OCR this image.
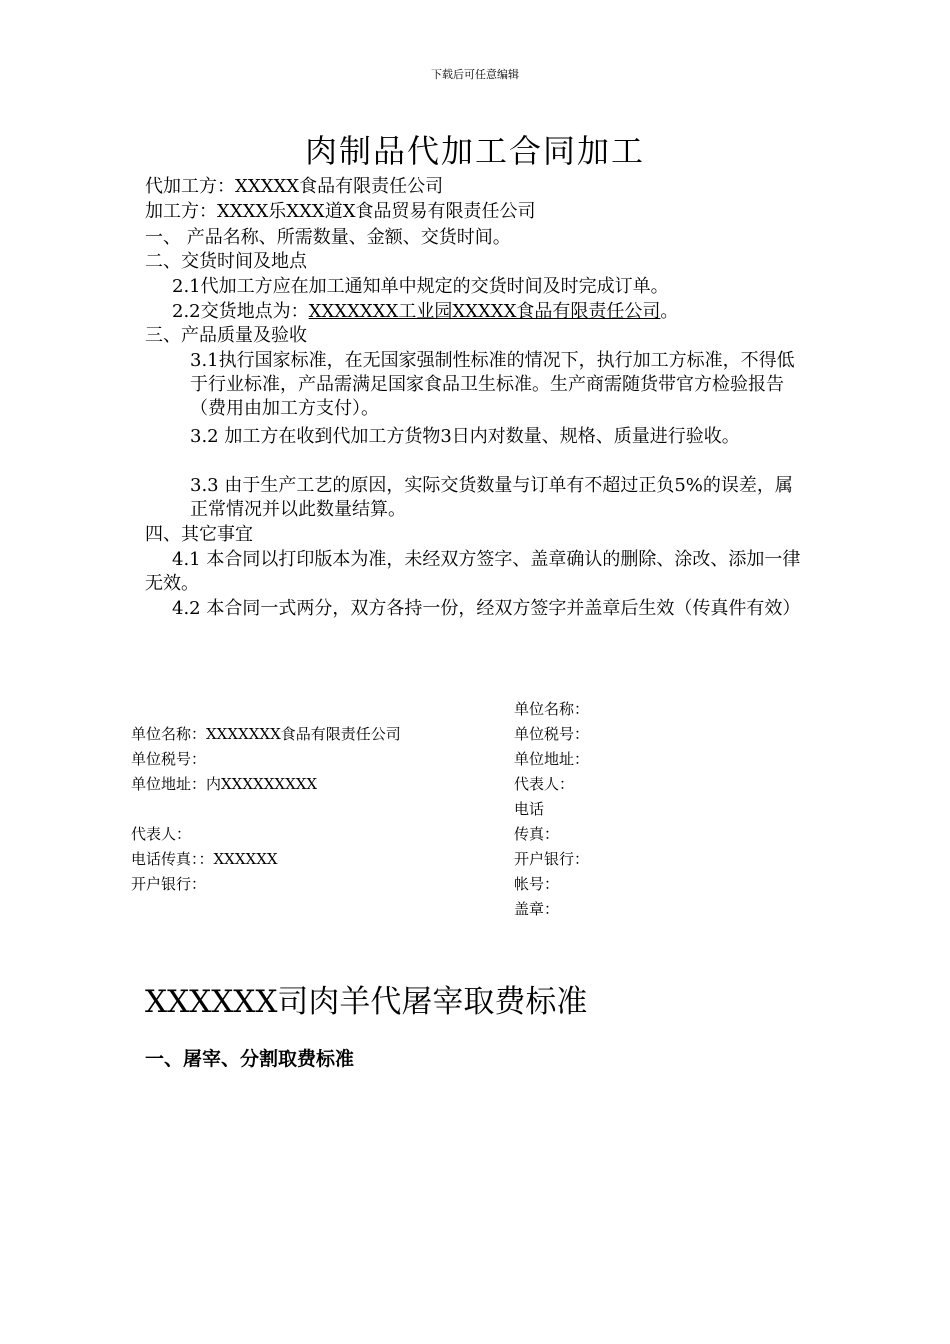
下载后可任意编辑
肉制品代加工合同加工
代加工方：XXXXX食品有限责任公司
加工方：XXXX乐XXX道X食品贸易有限责任公司
一、 产品名称、所需数量、金额、交货时间。
二、交货时间及地点
2.1代加工方应在加工通知单中规定的交货时间及时完成订单。
2.2交货地点为：XXXXXXX工业园XXXXX食品有限责任公司。
三、产品质量及验收
3.1执行国家标准，在无国家强制性标准的情况下，执行加工方标准，不得低于行业标准，产品需满足国家食品卫生标准。生产商需随货带官方检验报告（费用由加工方支付）。
3.2 加工方在收到代加工方货物3日内对数量、规格、质量进行验收。
3.3 由于生产工艺的原因，实际交货数量与订单有不超过正负5%的误差，属正常情况并以此数量结算。
四、其它事宜
4.1 本合同以打印版本为准，未经双方签字、盖章确认的删除、涂改、添加一律无效。
4.2 本合同一式两分，双方各持一份，经双方签字并盖章后生效（传真件有效）
单位名称：XXXXXXX食品有限责任公司
单位税号：
单位地址：内XXXXXXXXX
代表人：
电话传真：：XXXXXX
开户银行：
单位名称：
单位税号：
单位地址：
代表人：
电话
传真：
开户银行：
帐号：
盖章：
XXXXXX司肉羊代屠宰取费标准
一、屠宰、分割取费标准
